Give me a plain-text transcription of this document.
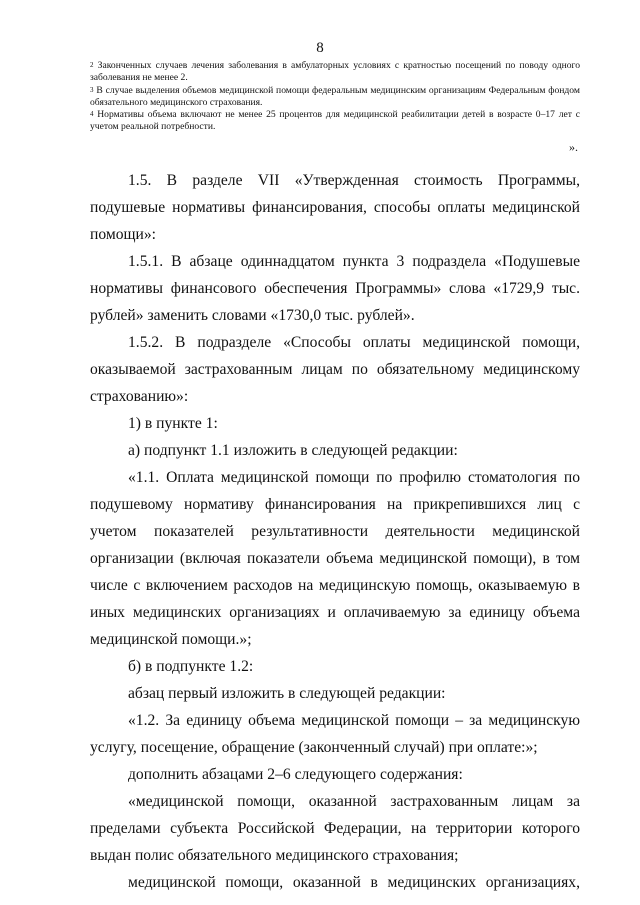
8

$^2$ Законченных случаев лечения заболевания в амбулаторных условиях с кратностью посещений по поводу одного заболевания не менее 2.

$^3$ В случае выделения объемов медицинской помощи федеральным медицинским организациям Федеральным фондом обязательного медицинского страхования.

$^4$ Нормативы объема включают не менее 25 процентов для медицинской реабилитации детей в возрасте 0–17 лет с учетом реальной потребности.

».

1.5. В разделе VII «Утвержденная стоимость Программы, подушевые нормативы финансирования, способы оплаты медицинской помощи»:

1.5.1. В абзаце одиннадцатом пункта 3 подраздела «Подушевые нормативы финансового обеспечения Программы» слова «1729,9 тыс. рублей» заменить словами «1730,0 тыс. рублей».

1.5.2. В подразделе «Способы оплаты медицинской помощи, оказываемой застрахованным лицам по обязательному медицинскому страхованию»:

1) в пункте 1:

а) подпункт 1.1 изложить в следующей редакции:

«1.1. Оплата медицинской помощи по профилю стоматология по подушевому нормативу финансирования на прикрепившихся лиц с учетом показателей результативности деятельности медицинской организации (включая показатели объема медицинской помощи), в том числе с включением расходов на медицинскую помощь, оказываемую в иных медицинских организациях и оплачиваемую за единицу объема медицинской помощи.»;

б) в подпункте 1.2:

абзац первый изложить в следующей редакции:

«1.2. За единицу объема медицинской помощи – за медицинскую услугу, посещение, обращение (законченный случай) при оплате:»;

дополнить абзацами 2–6 следующего содержания:

«медицинской помощи, оказанной застрахованным лицам за пределами субъекта Российской Федерации, на территории которого выдан полис обязательного медицинского страхования;

медицинской помощи, оказанной в медицинских организациях,
